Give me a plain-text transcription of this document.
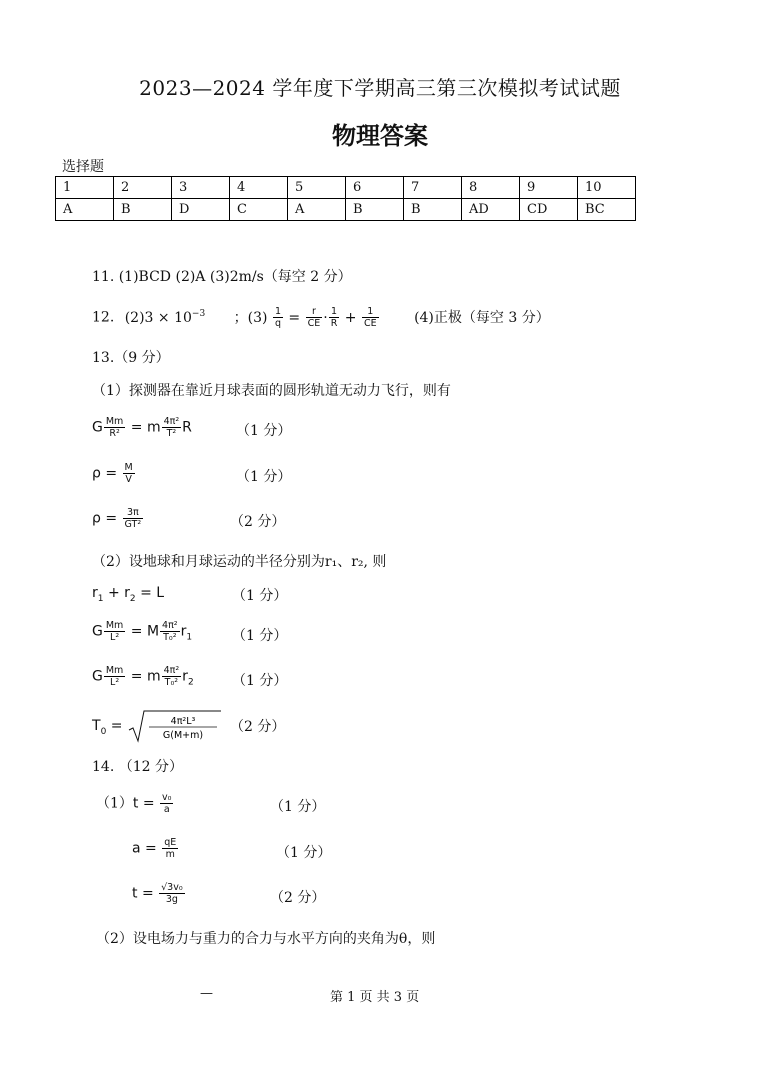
2023—2024 学年度下学期高三第三次模拟考试试题
物理答案
选择题
1	2	3	4	5	6	7	8	9	10
A	B	D	C	A	B	B	AD	CD	BC
11. (1)BCD (2)A (3)2m/s（每空 2 分）
12. $(2)3 \times 10^{-3}$ ；$(3) \frac{1}{q} = \frac{r}{CE} \cdot \frac{1}{R} + \frac{1}{CE}$	(4)正极（每空 3 分）
13.（9 分）
（1）探测器在靠近月球表面的圆形轨道无动力飞行，则有
G $\frac{Mm}{\text{R²}} = m \frac{\text{4π²}}{\text{T²}}$ R	（1 分）
$\rho = \frac{M}{V}$	（1 分）
$\rho = \frac{3\pi}{\text{GT²}}$	（2 分）
（2）设地球和月球运动的半径分别为r₁、r₂, 则
$r_1 + r_2 = L$	（1 分）
G $\frac{Mm}{\text{L²}} = M \frac{\text{4π²}}{\text{T₀²}} r_1$	（1 分）
G $\frac{Mm}{\text{L²}} = m \frac{\text{4π²}}{\text{T₀²}} r_2$	（1 分）
$T_0$ =	4π²L³
G(M+m)
（2 分）
14. （12 分）
$(1)t = \frac{\text{v₀}}{a}$	（1 分）
$a = \frac{qE}{m}$	（1 分）
$t = \frac{\text{√3v₀}}{3g}$	（2 分）
（2）设电场力与重力的合力与水平方向的夹角为θ，则
—	第 1 页 共 3 页
